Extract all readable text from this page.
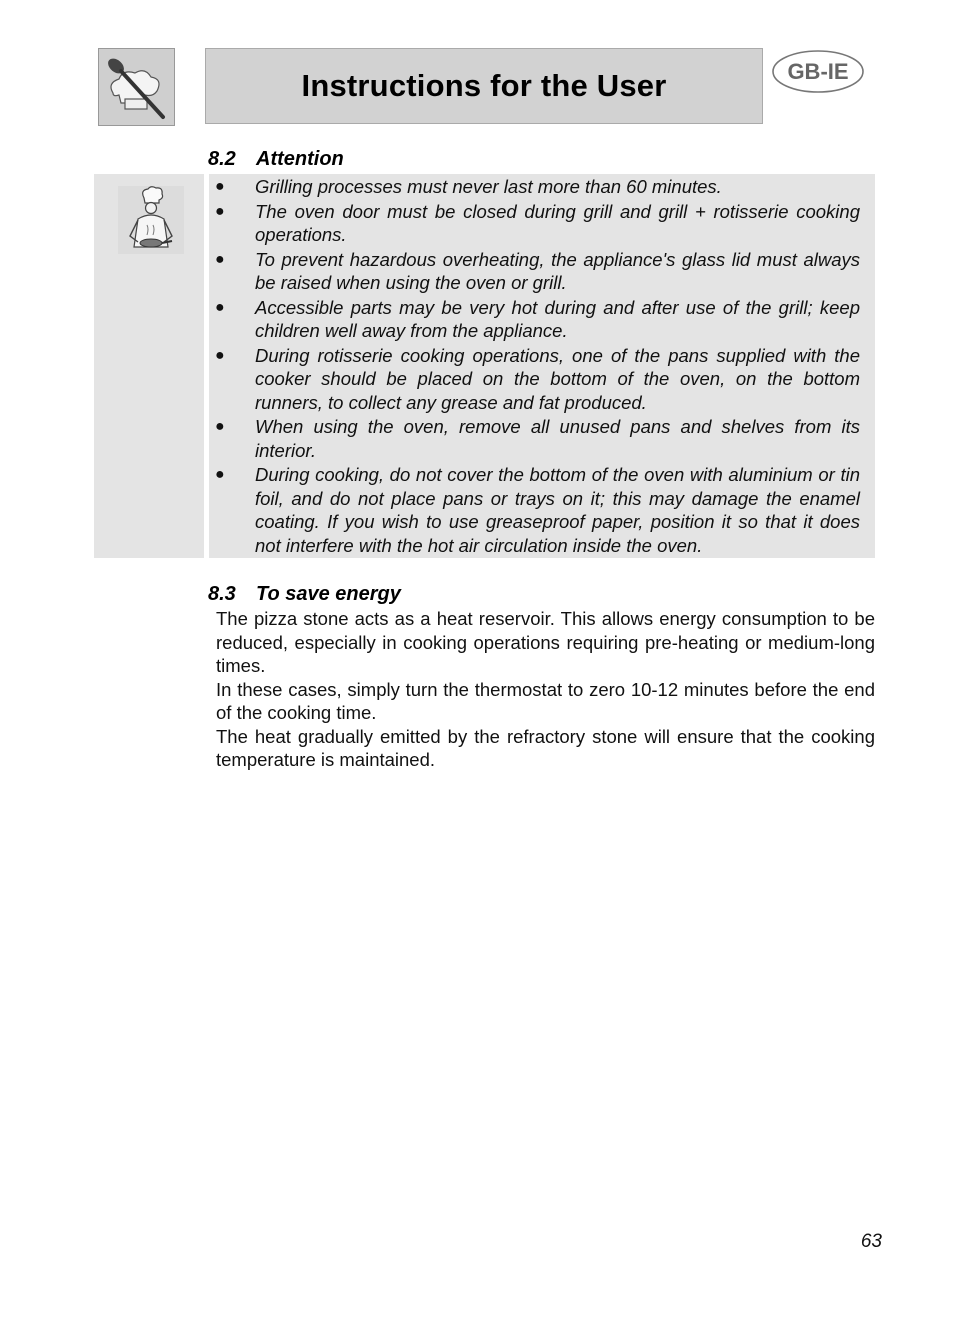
Instructions for the User	GB-IE
8.2 Attention
● Grilling processes must never last more than 60 minutes.
● The oven door must be closed during grill and grill + rotisserie cooking operations.
● To prevent hazardous overheating, the appliance's glass lid must always be raised when using the oven or grill.
● Accessible parts may be very hot during and after use of the grill; keep children well away from the appliance.
● During rotisserie cooking operations, one of the pans supplied with the cooker should be placed on the bottom of the oven, on the bottom runners, to collect any grease and fat produced.
● When using the oven, remove all unused pans and shelves from its interior.
● During cooking, do not cover the bottom of the oven with aluminium or tin foil, and do not place pans or trays on it; this may damage the enamel coating. If you wish to use greaseproof paper, position it so that it does not interfere with the hot air circulation inside the oven.
8.3 To save energy

The pizza stone acts as a heat reservoir. This allows energy consumption to be reduced, especially in cooking operations requiring pre-heating or medium-long times.

In these cases, simply turn the thermostat to zero 10-12 minutes before the end of the cooking time.

The heat gradually emitted by the refractory stone will ensure that the cooking temperature is maintained.

63
